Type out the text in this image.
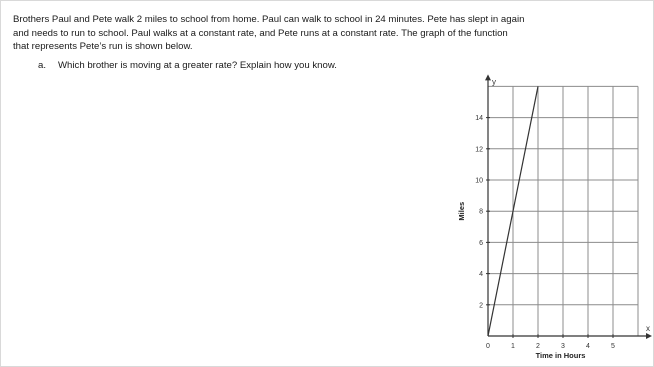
Brothers Paul and Pete walk 2 miles to school from home. Paul can walk to school in 24 minutes. Pete has slept in again

and needs to run to school. Paul walks at a constant rate, and Pete runs at a constant rate. The graph of the function

that represents Pete’s run is shown below.

a. Which brother is moving at a greater rate? Explain how you know.
y
x
0	1	2	3	4	5
2
4
6
8
10
12
14
Time in Hours
Miles
